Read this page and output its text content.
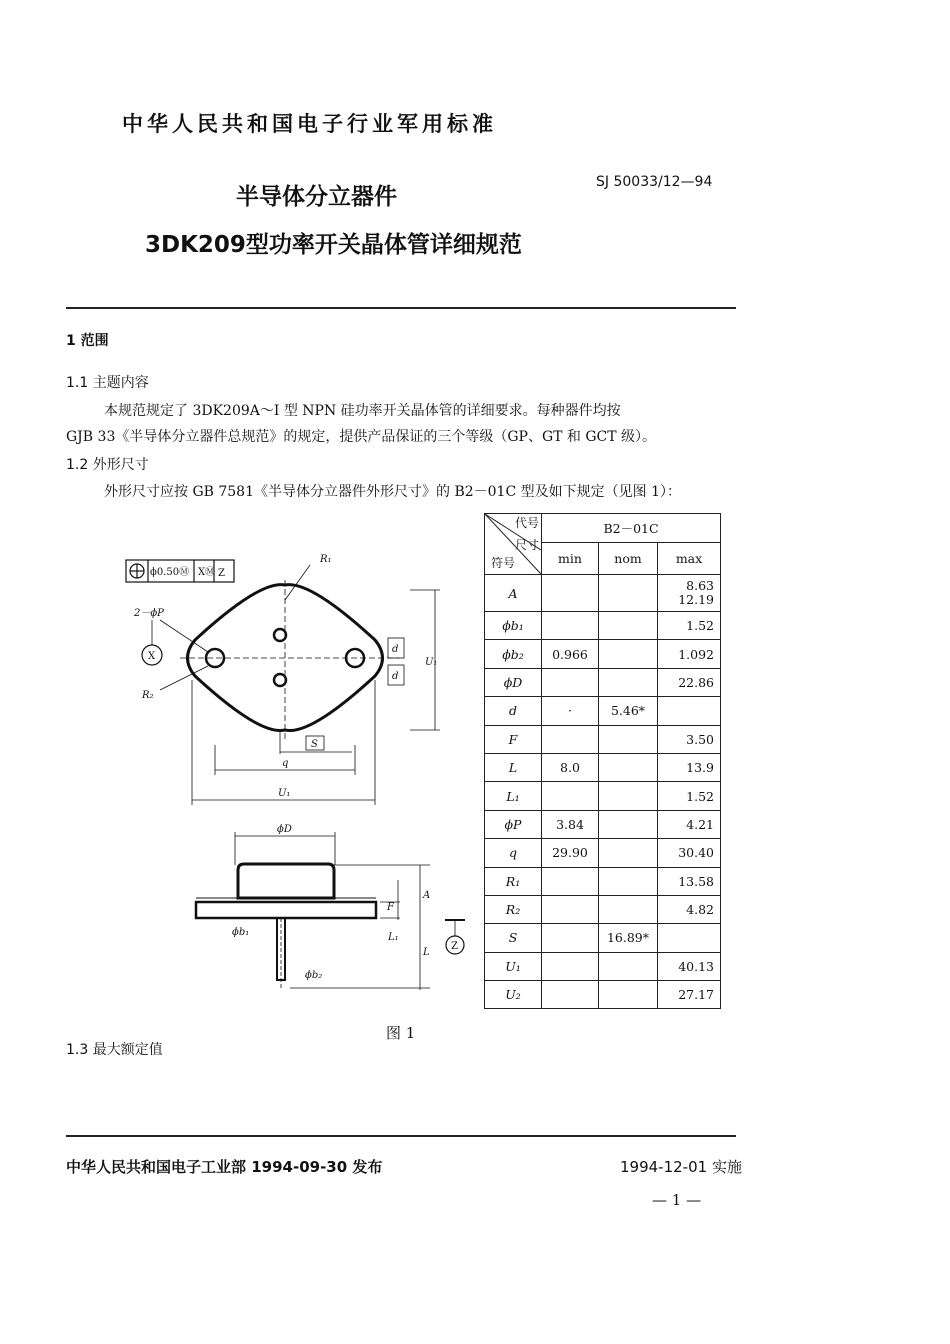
中华人民共和国电子行业军用标准
半导体分立器件
3DK209型功率开关晶体管详细规范
SJ 50033/12—94
1 范围
1.1 主题内容
本规范规定了 3DK209A～I 型 NPN 硅功率开关晶体管的详细要求。每种器件均按
GJB 33《半导体分立器件总规范》的规定，提供产品保证的三个等级（GP、GT 和 GCT 级）。
1.2 外形尺寸
外形尺寸应按 GB 7581《半导体分立器件外形尺寸》的 B2－01C 型及如下规定（见图 1）：
ϕ0.50Ⓜ X Ⓜ Z
R₁
R₂
2－ϕP
X
q
U₁
U₁
S
d
d
ϕD
A
F
L
L₁
ϕb₁
ϕb₂
Z
代号
尺寸
符号	B2－01C		
	min	nom	max
A			8.63
12.19

ϕb₁			1.52

ϕb₂	0.966		1.092

ϕD			22.86

d	·	5.46*	

F			3.50

L	8.0		13.9

L₁			1.52

ϕP	3.84		4.21

q	29.90		30.40

R₁			13.58

R₂			4.82

S		16.89*	

U₁			40.13

U₂			27.17
图 1
1.3 最大额定值
中华人民共和国电子工业部 1994-09-30 发布	1994-12-01 实施
— 1 —
